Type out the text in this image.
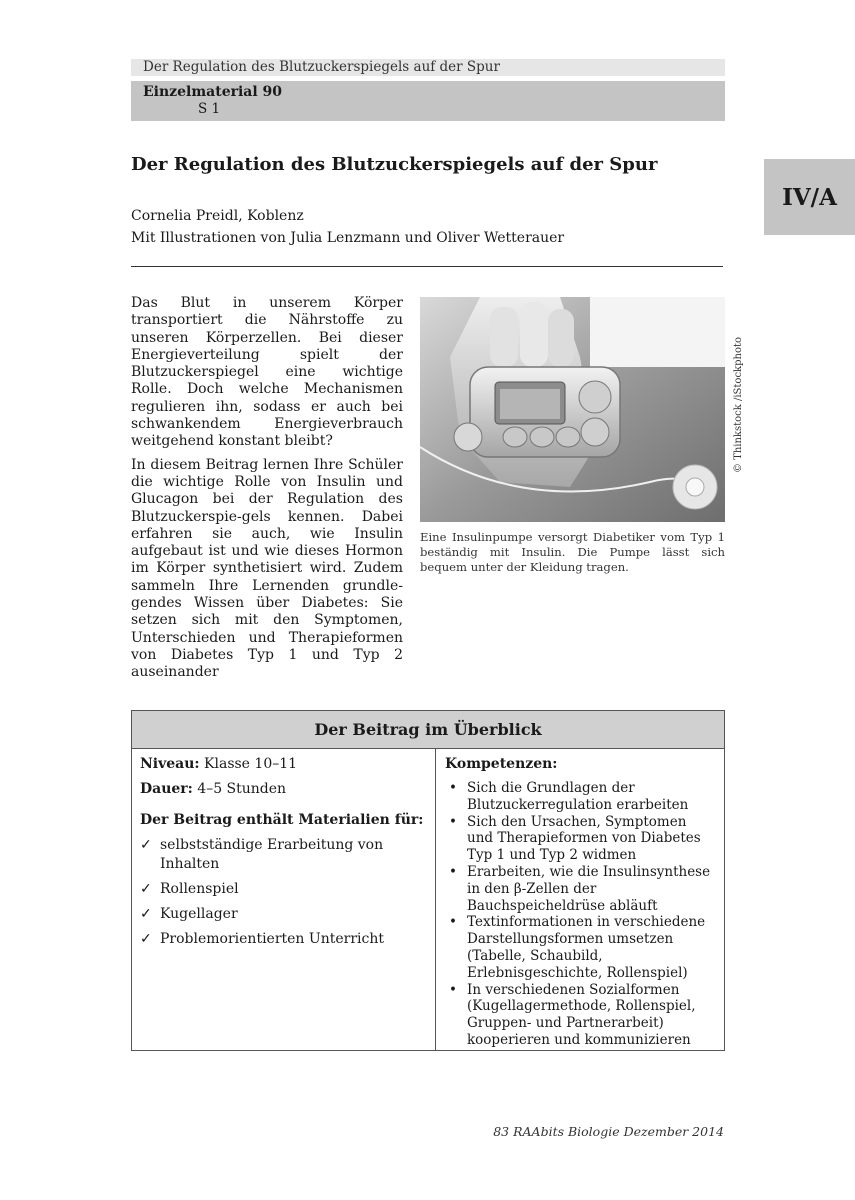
Der Regulation des Blutzuckerspiegels auf der Spur
Einzelmaterial 90
S 1
IV/A
Der Regulation des Blutzuckerspiegels auf der Spur
Cornelia Preidl, Koblenz
Mit Illustrationen von Julia Lenzmann und Oliver Wetterauer

Das Blut in unserem Körper transportiert die Nährstoffe zu unseren Körperzellen. Bei dieser Energieverteilung spielt der Blutzuckerspiegel eine wichtige Rolle. Doch welche Mechanismen regulieren ihn, sodass er auch bei schwankendem Energieverbrauch weitgehend konstant bleibt?

In diesem Beitrag lernen Ihre Schüler die wichtige Rolle von Insulin und Glucagon bei der Regulation des Blutzuckerspie-gels kennen. Dabei erfahren sie auch, wie Insulin aufgebaut ist und wie dieses Hormon im Körper synthetisiert wird. Zudem sammeln Ihre Lernenden grundle-gendes Wissen über Diabetes: Sie setzen sich mit den Symptomen, Unterschieden und Therapieformen von Diabetes Typ 1 und Typ 2 auseinander

© Thinkstock /iStockphoto
Eine Insulinpumpe versorgt Diabetiker vom Typ 1 beständig mit Insulin. Die Pumpe lässt sich bequem unter der Kleidung tragen.
Der Beitrag im Überblick
Niveau: Klasse 10–11
Dauer: 4–5 Stunden
Der Beitrag enthält Materialien für:
✓ selbstständige Erarbeitung von Inhalten
✓ Rollenspiel
✓ Kugellager
✓ Problemorientierten Unterricht
Kompetenzen:
• Sich die Grundlagen der Blutzuckerregulation erarbeiten
• Sich den Ursachen, Symptomen und Therapieformen von Diabetes Typ 1 und Typ 2 widmen
• Erarbeiten, wie die Insulinsynthese in den β-Zellen der Bauchspeicheldrüse abläuft
• Textinformationen in verschiedene Darstellungsformen umsetzen (Tabelle, Schaubild, Erlebnisgeschichte, Rollenspiel)
• In verschiedenen Sozialformen (Kugellagermethode, Rollenspiel, Gruppen- und Partnerarbeit) kooperieren und kommunizieren
83 RAAbits Biologie Dezember 2014
